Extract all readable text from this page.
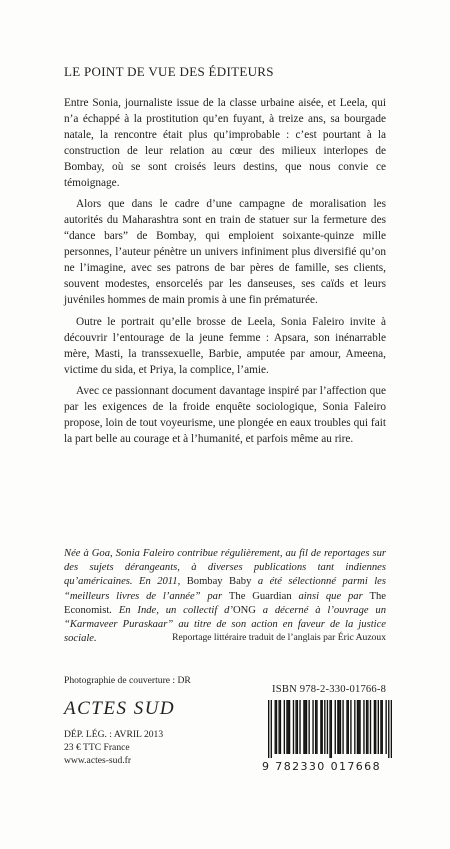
LE POINT DE VUE DES ÉDITEURS

Entre Sonia, journaliste issue de la classe urbaine aisée, et Leela, qui n’a échappé à la prostitution qu’en fuyant, à treize ans, sa bourgade natale, la rencontre était plus qu’improbable : c’est pourtant à la construction de leur relation au cœur des milieux interlopes de Bombay, où se sont croisés leurs destins, que nous convie ce témoignage.

Alors que dans le cadre d’une campagne de moralisation les autorités du Maharashtra sont en train de statuer sur la fermeture des “dance bars” de Bombay, qui emploient soixante-quinze mille personnes, l’auteur pénètre un univers infiniment plus diversifié qu’on ne l’imagine, avec ses patrons de bar pères de famille, ses clients, souvent modestes, ensorcelés par les danseuses, ses caïds et leurs juvéniles hommes de main promis à une fin prématurée.

Outre le portrait qu’elle brosse de Leela, Sonia Faleiro invite à découvrir l’entourage de la jeune femme : Apsara, son inénarrable mère, Masti, la transsexuelle, Barbie, amputée par amour, Ameena, victime du sida, et Priya, la complice, l’amie.

Avec ce passionnant document davantage inspiré par l’affection que par les exigences de la froide enquête sociologique, Sonia Faleiro propose, loin de tout voyeurisme, une plongée en eaux troubles qui fait la part belle au courage et à l’humanité, et parfois même au rire.

Née à Goa, Sonia Faleiro contribue régulièrement, au fil de reportages sur des sujets dérangeants, à diverses publications tant indiennes qu’américaines. En 2011, Bombay Baby a été sélectionné parmi les “meilleurs livres de l’année” par The Guardian ainsi que par The Economist. En Inde, un collectif d’ONG a décerné à l’ouvrage un “Karmaveer Puraskaar” au titre de son action en faveur de la justice sociale.	Reportage littéraire traduit de l’anglais par Éric Auzoux
Photographie de couverture : DR
ACTES SUD
DÉP. LÉG. : AVRIL 2013
23 € TTC France
www.actes-sud.fr
ISBN 978-2-330-01766-8
9 782330 017668
